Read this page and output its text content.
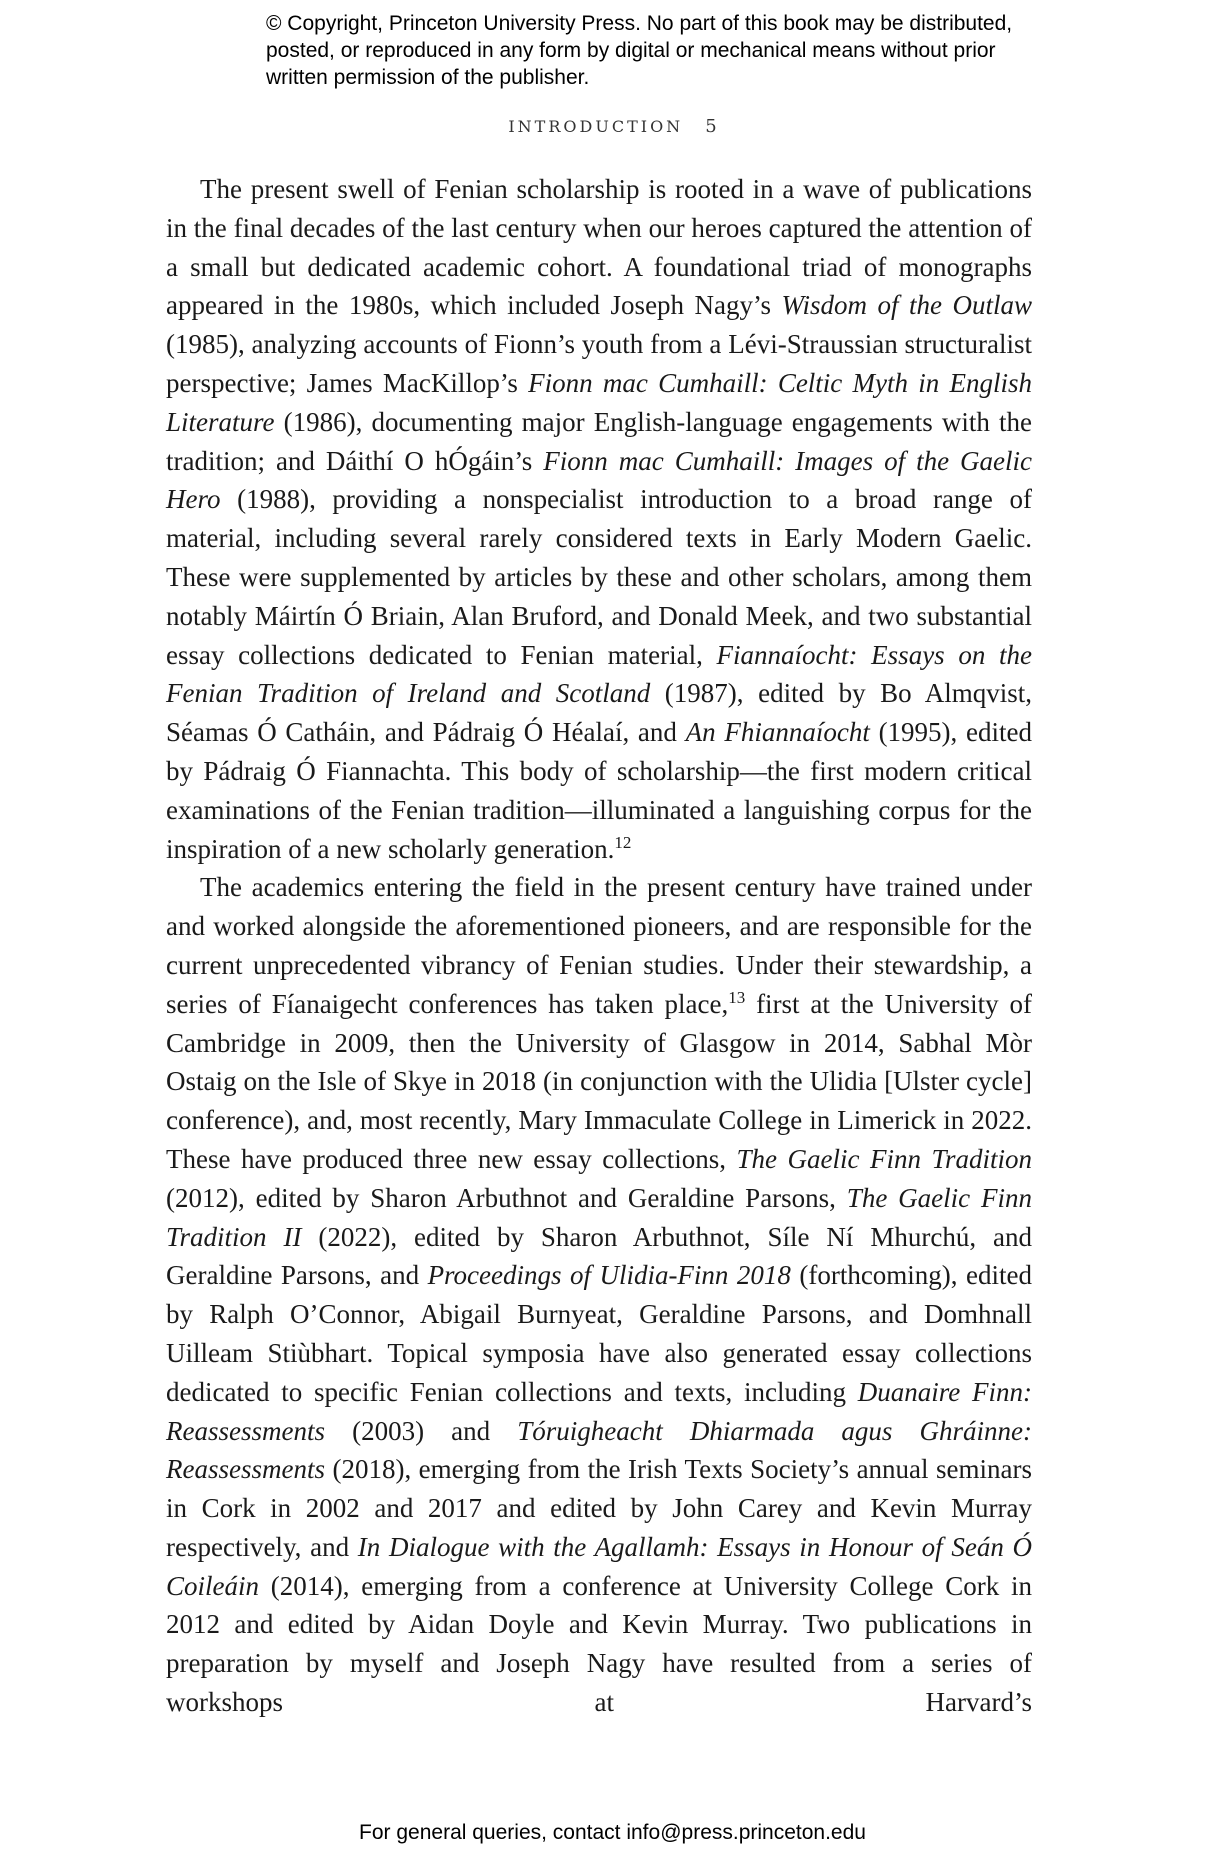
© Copyright, Princeton University Press. No part of this book may be distributed, posted, or reproduced in any form by digital or mechanical means without prior written permission of the publisher.
INTRODUCTION 5

The present swell of Fenian scholarship is rooted in a wave of publications in the final decades of the last century when our heroes captured the attention of a small but dedicated academic cohort. A foundational triad of monographs appeared in the 1980s, which included Joseph Nagy’s Wisdom of the Outlaw (1985), analyzing accounts of Fionn’s youth from a Lévi-Straussian structuralist perspective; James MacKillop’s Fionn mac Cumhaill: Celtic Myth in English Literature (1986), documenting major English-language engagements with the tradition; and Dáithí O hÓgáin’s Fionn mac Cumhaill: Images of the Gaelic Hero (1988), providing a nonspecialist introduction to a broad range of material, including several rarely considered texts in Early Modern Gaelic. These were supplemented by articles by these and other scholars, among them notably Máirtín Ó Briain, Alan Bruford, and Donald Meek, and two substantial essay collections dedicated to Fenian material, Fiannaíocht: Essays on the Fenian Tradition of Ireland and Scotland (1987), edited by Bo Almqvist, Séamas Ó Catháin, and Pádraig Ó Héalaí, and An Fhiannaíocht (1995), edited by Pádraig Ó Fiannachta. This body of scholarship—the first modern critical examinations of the Fenian tradition—illuminated a languishing corpus for the inspiration of a new scholarly generation.$^{12}$

The academics entering the field in the present century have trained under and worked alongside the aforementioned pioneers, and are responsible for the current unprecedented vibrancy of Fenian studies. Under their stewardship, a series of Fíanaigecht conferences has taken place,$^{13}$ first at the University of Cambridge in 2009, then the University of Glasgow in 2014, Sabhal Mòr Ostaig on the Isle of Skye in 2018 (in conjunction with the Ulidia [Ulster cycle] conference), and, most recently, Mary Immaculate College in Limerick in 2022. These have produced three new essay collections, The Gaelic Finn Tradition (2012), edited by Sharon Arbuthnot and Geraldine Parsons, The Gaelic Finn Tradition II (2022), edited by Sharon Arbuthnot, Síle Ní Mhurchú, and Geraldine Parsons, and Proceedings of Ulidia-Finn 2018 (forthcoming), edited by Ralph O’Connor, Abigail Burnyeat, Geraldine Parsons, and Domhnall Uilleam Stiùbhart. Topical symposia have also generated essay collections dedicated to specific Fenian collections and texts, including Duanaire Finn: Reassessments (2003) and Tóruigheacht Dhiarmada agus Ghráinne: Reassessments (2018), emerging from the Irish Texts Society’s annual seminars in Cork in 2002 and 2017 and edited by John Carey and Kevin Murray respectively, and In Dialogue with the Agallamh: Essays in Honour of Seán Ó Coileáin (2014), emerging from a conference at University College Cork in 2012 and edited by Aidan Doyle and Kevin Murray. Two publications in preparation by myself and Joseph Nagy have resulted from a series of workshops at Harvard’s

For general queries, contact info@press.princeton.edu
